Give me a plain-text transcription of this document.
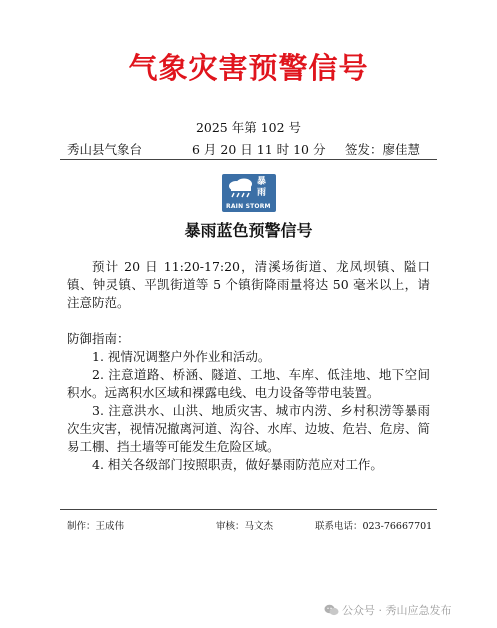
气象灾害预警信号
2025 年第 102 号
秀山县气象台	6 月 20 日 11 时 10 分 签发：廖佳慧
暴
雨
RAIN STORM
暴雨蓝色预警信号
预计 20 日 11:20-17:20，清溪场街道、龙凤坝镇、隘口镇、钟灵镇、平凯街道等 5 个镇街降雨量将达 50 毫米以上，请注意防范。
防御指南：
1. 视情况调整户外作业和活动。
2. 注意道路、桥涵、隧道、工地、车库、低洼地、地下空间积水。远离积水区域和裸露电线、电力设备等带电装置。
3. 注意洪水、山洪、地质灾害、城市内涝、乡村积涝等暴雨次生灾害，视情况撤离河道、沟谷、水库、边坡、危岩、危房、简易工棚、挡土墙等可能发生危险区域。
4. 相关各级部门按照职责，做好暴雨防范应对工作。
制作：王成伟	审核：马文杰	联系电话：023-76667701
公众号 · 秀山应急发布
